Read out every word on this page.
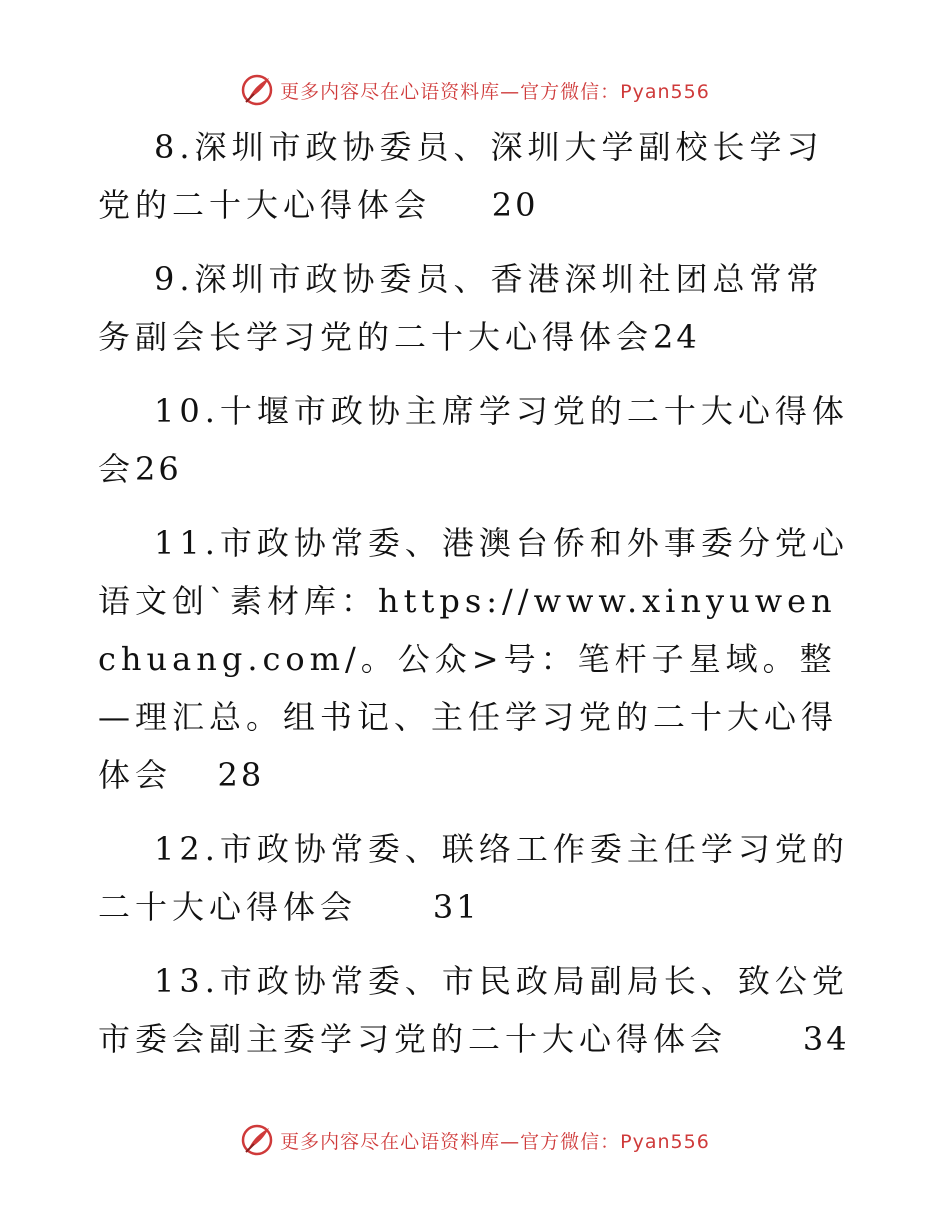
更多内容尽在心语资料库—官方微信：Pyan556

8.深圳市政协委员、深圳大学副校长学习党的二十大心得体会 20

9.深圳市政协委员、香港深圳社团总常常务副会长学习党的二十大心得体会24

10.十堰市政协主席学习党的二十大心得体会26

11.市政协常委、港澳台侨和外事委分党心语文创`素材库：https://www.xinyuwenchuang.com/。公众>号：笔杆子星域。整—理汇总。组书记、主任学习党的二十大心得体会 28

12.市政协常委、联络工作委主任学习党的二十大心得体会 31

13.市政协常委、市民政局副局长、致公党市委会副主委学习党的二十大心得体会 34

更多内容尽在心语资料库—官方微信：Pyan556
